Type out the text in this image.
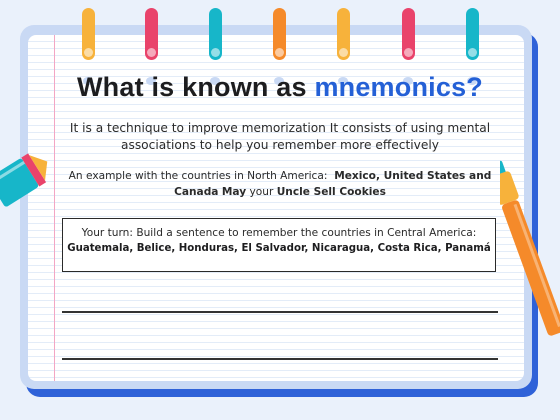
What is known as mnemonics?
It is a technique to improve memorization It consists of using mental
associations to help you remember more effectively
An example with the countries in North America: Mexico, United States and
Canada May your Uncle Sell Cookies
Your turn: Build a sentence to remember the countries in Central America:
Guatemala, Belice, Honduras, El Salvador, Nicaragua, Costa Rica, Panamá
